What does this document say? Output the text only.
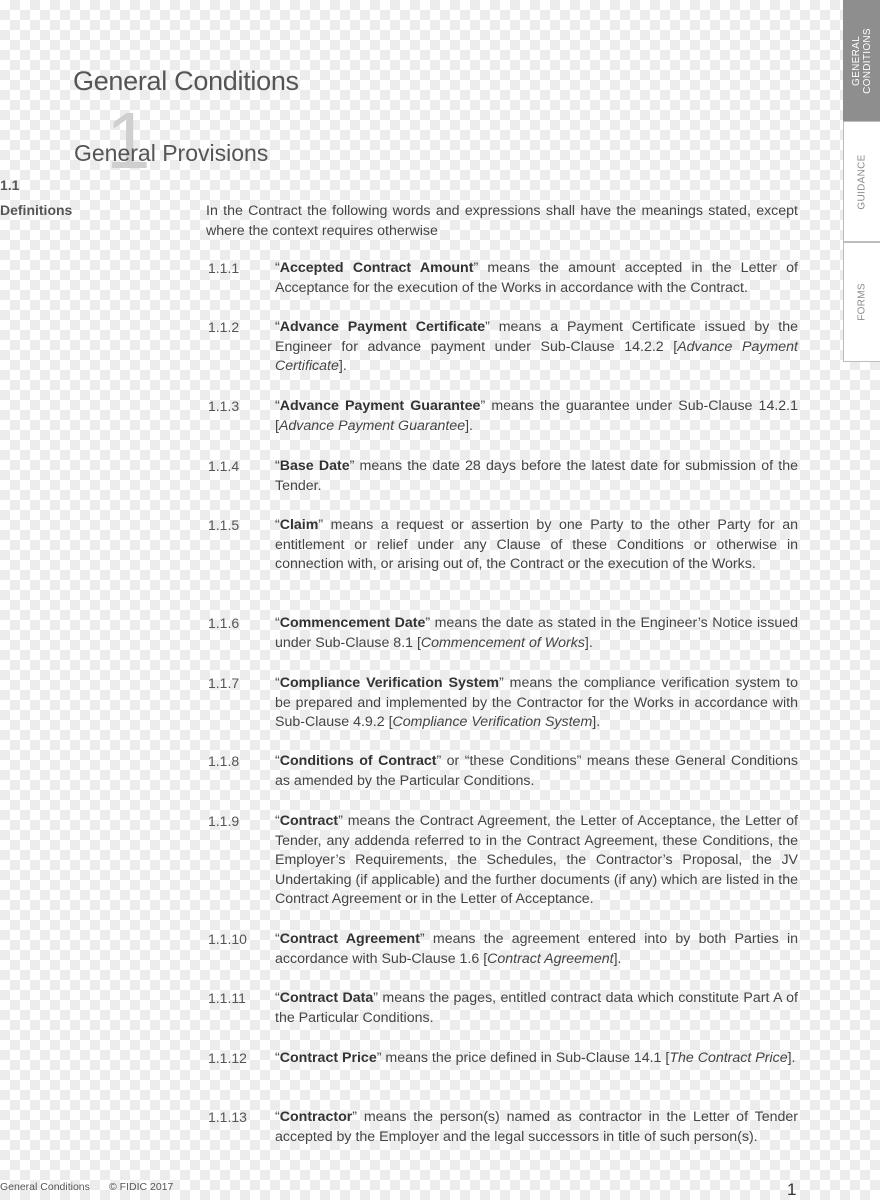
General Conditions
1
General Provisions
1.1
Definitions	In the Contract the following words and expressions shall have the meanings stated, except where the context requires otherwise
1.1.1	“Accepted Contract Amount” means the amount accepted in the Letter of Acceptance for the execution of the Works in accordance with the Contract.
1.1.2	“Advance Payment Certificate” means a Payment Certificate issued by the Engineer for advance payment under Sub-Clause 14.2.2 [Advance Payment Certificate].
1.1.3	“Advance Payment Guarantee” means the guarantee under Sub-Clause 14.2.1 [Advance Payment Guarantee].
1.1.4	“Base Date” means the date 28 days before the latest date for submission of the Tender.
1.1.5	“Claim” means a request or assertion by one Party to the other Party for an entitlement or relief under any Clause of these Conditions or otherwise in connection with, or arising out of, the Contract or the execution of the Works.
1.1.6	“Commencement Date” means the date as stated in the Engineer’s Notice issued under Sub-Clause 8.1 [Commencement of Works].
1.1.7	“Compliance Verification System” means the compliance verification system to be prepared and implemented by the Contractor for the Works in accordance with Sub-Clause 4.9.2 [Compliance Verification System].
1.1.8	“Conditions of Contract” or “these Conditions” means these General Conditions as amended by the Particular Conditions.
1.1.9	“Contract” means the Contract Agreement, the Letter of Acceptance, the Letter of Tender, any addenda referred to in the Contract Agreement, these Conditions, the Employer’s Requirements, the Schedules, the Contractor’s Proposal, the JV Undertaking (if applicable) and the further documents (if any) which are listed in the Contract Agreement or in the Letter of Acceptance.
1.1.10	“Contract Agreement” means the agreement entered into by both Parties in accordance with Sub-Clause 1.6 [Contract Agreement].
1.1.11	“Contract Data” means the pages, entitled contract data which constitute Part A of the Particular Conditions.
1.1.12	“Contract Price” means the price defined in Sub-Clause 14.1 [The Contract Price].
1.1.13	“Contractor” means the person(s) named as contractor in the Letter of Tender accepted by the Employer and the legal successors in title of such person(s).
GENERAL
CONDITIONS
GUIDANCE
FORMS
General Conditions © FIDIC 2017	1
